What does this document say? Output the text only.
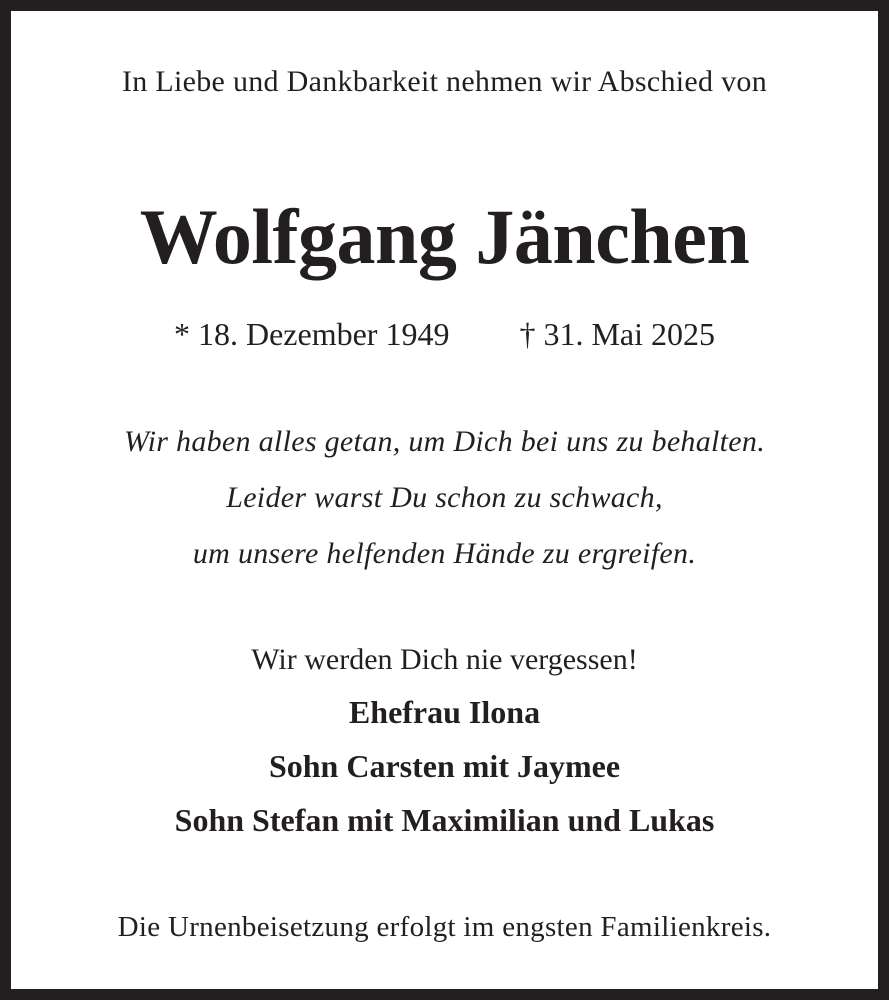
In Liebe und Dankbarkeit nehmen wir Abschied von

Wolfgang Jänchen

* 18. Dezember 1949 † 31. Mai 2025

Wir haben alles getan, um Dich bei uns zu behalten.

Leider warst Du schon zu schwach,

um unsere helfenden Hände zu ergreifen.

Wir werden Dich nie vergessen!

Ehefrau Ilona

Sohn Carsten mit Jaymee

Sohn Stefan mit Maximilian und Lukas

Die Urnenbeisetzung erfolgt im engsten Familienkreis.
